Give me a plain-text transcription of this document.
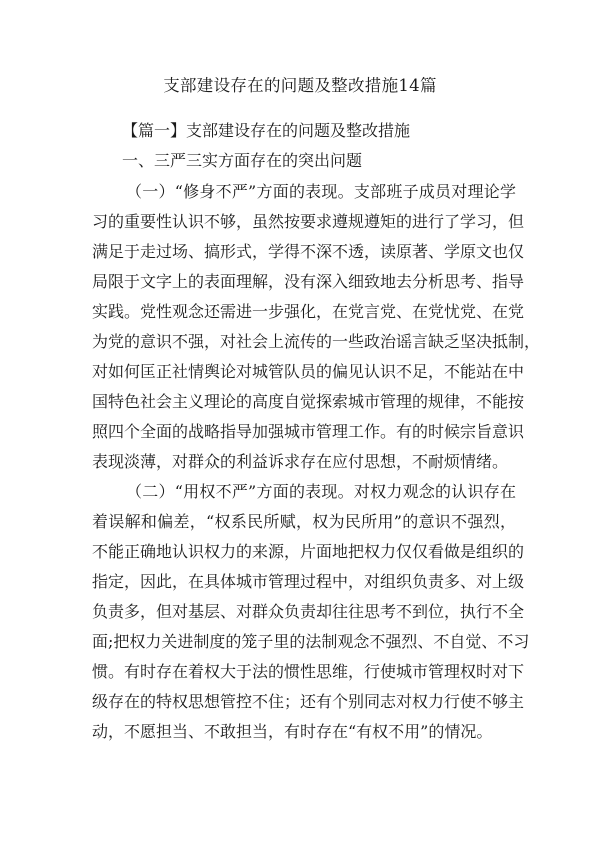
支部建设存在的问题及整改措施14篇
【篇一】支部建设存在的问题及整改措施
一、三严三实方面存在的突出问题
（一）“修身不严”方面的表现。支部班子成员对理论学
习的重要性认识不够，虽然按要求遵规遵矩的进行了学习，但
满足于走过场、搞形式，学得不深不透，读原著、学原文也仅
局限于文字上的表面理解，没有深入细致地去分析思考、指导
实践。党性观念还需进一步强化，在党言党、在党忧党、在党
为党的意识不强，对社会上流传的一些政治谣言缺乏坚决抵制，
对如何匡正社情舆论对城管队员的偏见认识不足，不能站在中
国特色社会主义理论的高度自觉探索城市管理的规律，不能按
照四个全面的战略指导加强城市管理工作。有的时候宗旨意识
表现淡薄，对群众的利益诉求存在应付思想，不耐烦情绪。
（二）“用权不严”方面的表现。对权力观念的认识存在
着误解和偏差，“权系民所赋，权为民所用”的意识不强烈，
不能正确地认识权力的来源，片面地把权力仅仅看做是组织的
指定，因此，在具体城市管理过程中，对组织负责多、对上级
负责多，但对基层、对群众负责却往往思考不到位，执行不全
面;把权力关进制度的笼子里的法制观念不强烈、不自觉、不习
惯。有时存在着权大于法的惯性思维，行使城市管理权时对下
级存在的特权思想管控不住；还有个别同志对权力行使不够主
动，不愿担当、不敢担当，有时存在“有权不用”的情况。
